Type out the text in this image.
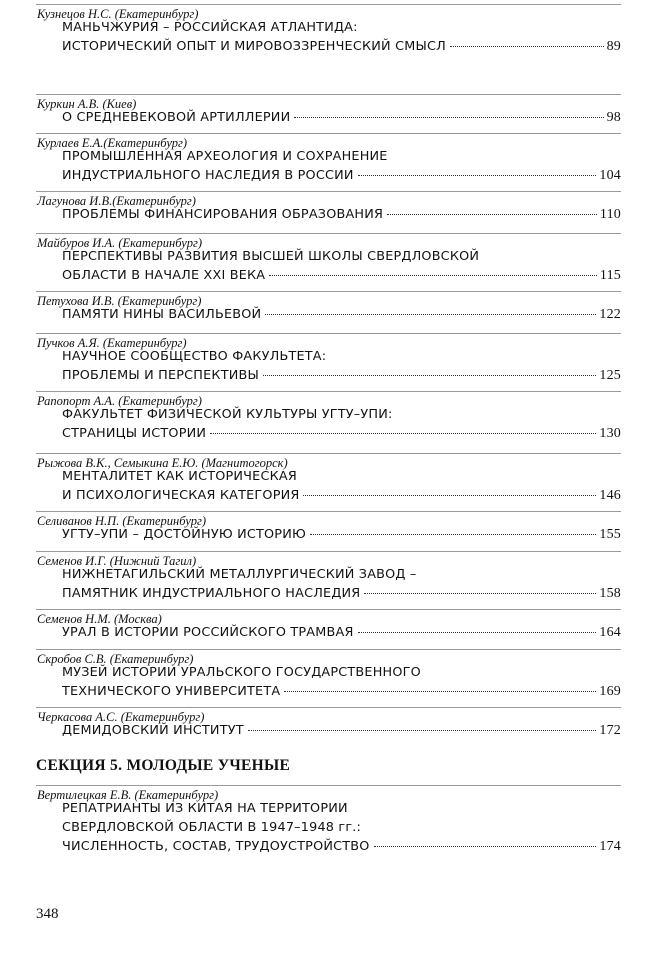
Кузнецов Н.С. (Екатеринбург)
МАНЬЧЖУРИЯ – РОССИЙСКАЯ АТЛАНТИДА:
ИСТОРИЧЕСКИЙ ОПЫТ И МИРОВОЗЗРЕНЧЕСКИЙ СМЫСЛ	89
Куркин А.В. (Киев)
О СРЕДНЕВЕКОВОЙ АРТИЛЛЕРИИ	98
Курлаев Е.А.(Екатеринбург)
ПРОМЫШЛЕННАЯ АРХЕОЛОГИЯ И СОХРАНЕНИЕ
ИНДУСТРИАЛЬНОГО НАСЛЕДИЯ В РОССИИ	104
Лагунова И.В.(Екатеринбург)
ПРОБЛЕМЫ ФИНАНСИРОВАНИЯ ОБРАЗОВАНИЯ	110
Майбуров И.А. (Екатеринбург)
ПЕРСПЕКТИВЫ РАЗВИТИЯ ВЫСШЕЙ ШКОЛЫ СВЕРДЛОВСКОЙ
ОБЛАСТИ В НАЧАЛЕ XXI ВЕКА	115
Петухова И.В. (Екатеринбург)
ПАМЯТИ НИНЫ ВАСИЛЬЕВОЙ	122
Пучков А.Я. (Екатеринбург)
НАУЧНОЕ СООБЩЕСТВО ФАКУЛЬТЕТА:
ПРОБЛЕМЫ И ПЕРСПЕКТИВЫ	125
Рапопорт А.А. (Екатеринбург)
ФАКУЛЬТЕТ ФИЗИЧЕСКОЙ КУЛЬТУРЫ УГТУ–УПИ:
СТРАНИЦЫ ИСТОРИИ	130
Рыжова В.К., Семыкина Е.Ю. (Магнитогорск)
МЕНТАЛИТЕТ КАК ИСТОРИЧЕСКАЯ
И ПСИХОЛОГИЧЕСКАЯ КАТЕГОРИЯ	146
Селиванов Н.П. (Екатеринбург)
УГТУ–УПИ – ДОСТОЙНУЮ ИСТОРИЮ	155
Семенов И.Г. (Нижний Тагил)
НИЖНЕТАГИЛЬСКИЙ МЕТАЛЛУРГИЧЕСКИЙ ЗАВОД –
ПАМЯТНИК ИНДУСТРИАЛЬНОГО НАСЛЕДИЯ	158
Семенов Н.М. (Москва)
УРАЛ В ИСТОРИИ РОССИЙСКОГО ТРАМВАЯ	164
Скробов С.В. (Екатеринбург)
МУЗЕЙ ИСТОРИИ УРАЛЬСКОГО ГОСУДАРСТВЕННОГО
ТЕХНИЧЕСКОГО УНИВЕРСИТЕТА	169
Черкасова А.С. (Екатеринбург)
ДЕМИДОВСКИЙ ИНСТИТУТ	172
СЕКЦИЯ 5. МОЛОДЫЕ УЧЕНЫЕ
Вертилецкая Е.В. (Екатеринбург)
РЕПАТРИАНТЫ ИЗ КИТАЯ НА ТЕРРИТОРИИ
СВЕРДЛОВСКОЙ ОБЛАСТИ В 1947–1948 гг.:
ЧИСЛЕННОСТЬ, СОСТАВ, ТРУДОУСТРОЙСТВО	174
348
